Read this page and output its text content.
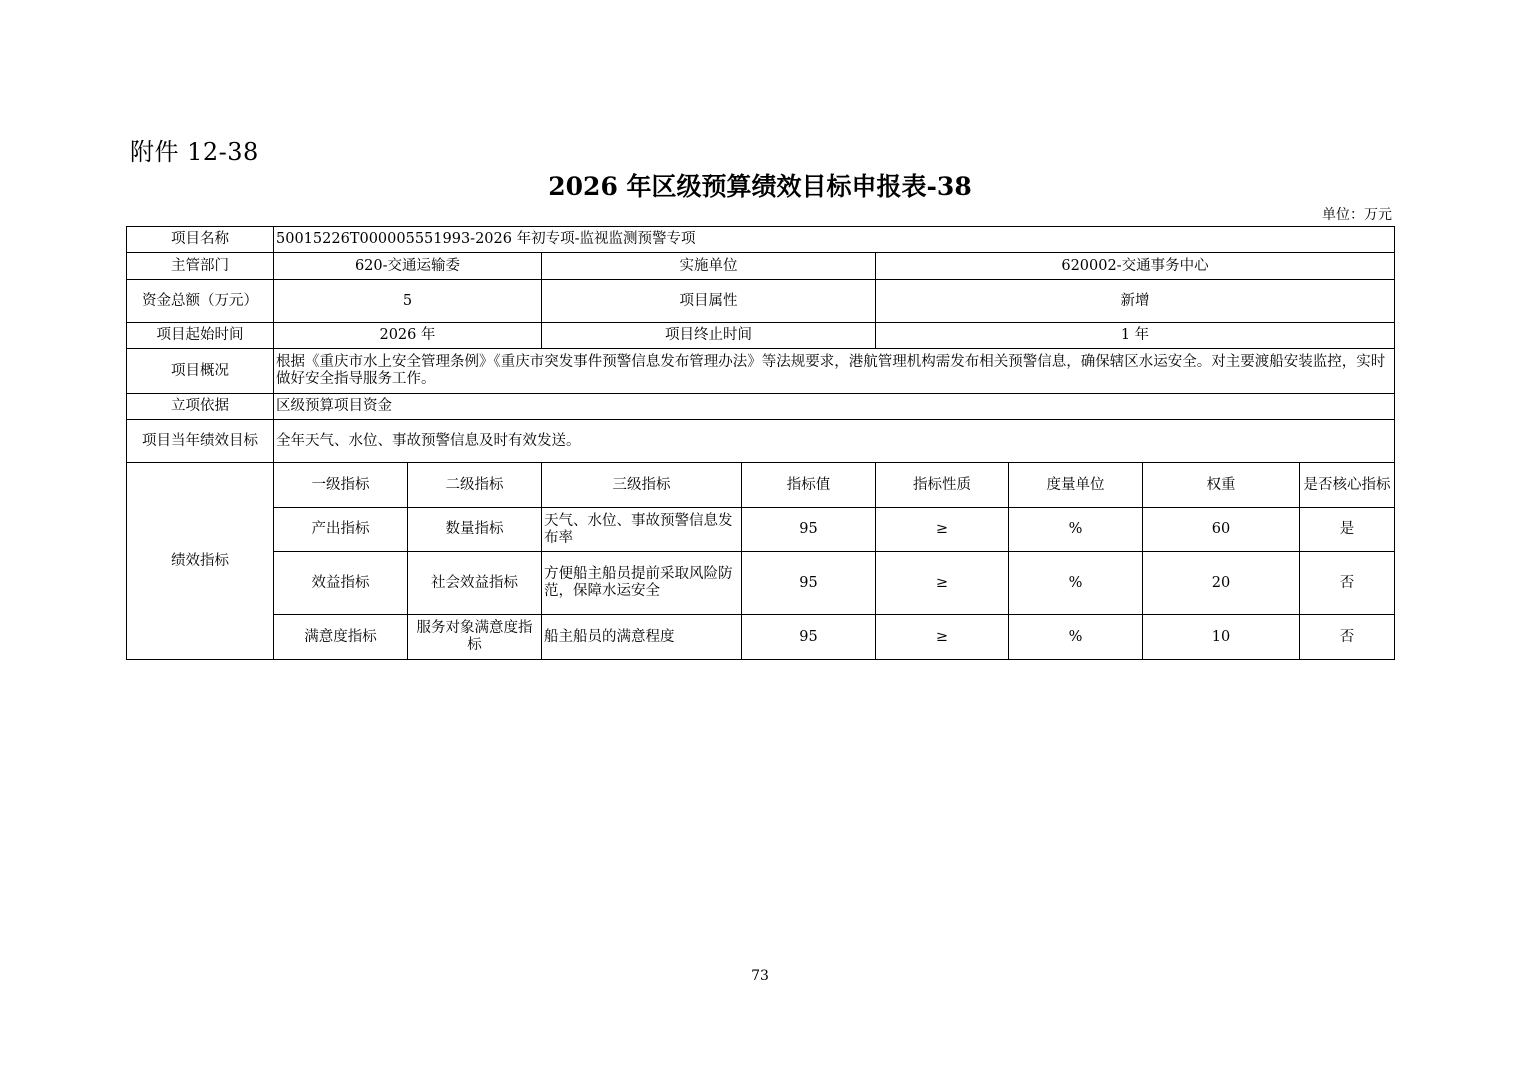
附件 12-38
2026 年区级预算绩效目标申报表-38
单位：万元
项目名称	50015226T000005551993-2026 年初专项-监视监测预警专项							
主管部门	620-交通运输委		实施单位		620002-交通事务中心			
资金总额（万元）	5		项目属性		新增			
项目起始时间	2026 年		项目终止时间		1 年			
项目概况	根据《重庆市水上安全管理条例》《重庆市突发事件预警信息发布管理办法》等法规要求，港航管理机构需发布相关预警信息，确保辖区水运安全。对主要渡船安装监控，实时做好安全指导服务工作。							
立项依据	区级预算项目资金							
项目当年绩效目标	全年天气、水位、事故预警信息及时有效发送。							
绩效指标	一级指标	二级指标	三级指标	指标值	指标性质	度量单位	权重	是否核心指标
	产出指标	数量指标	天气、水位、事故预警信息发布率	95	≥	%	60	是
	效益指标	社会效益指标	方便船主船员提前采取风险防范，保障水运安全	95	≥	%	20	否
	满意度指标	服务对象满意度指标	船主船员的满意程度	95	≥	%	10	否
73
